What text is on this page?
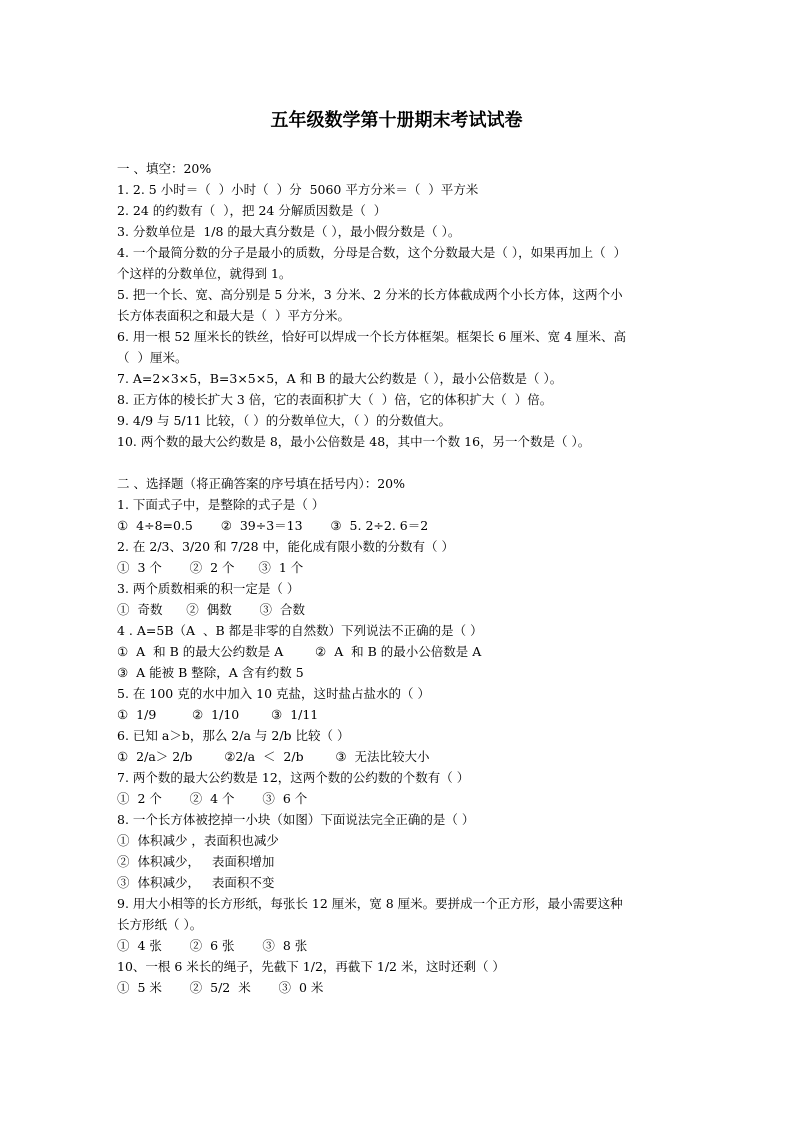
五年级数学第十册期末考试试卷

一 、填空：20%

1. 2. 5 小时＝（  ）小时（  ）分  5060 平方分米＝（  ）平方米

2. 24 的约数有（  ），把 24 分解质因数是（  ）

3. 分数单位是  1/8 的最大真分数是（ ），最小假分数是（ ）。

4. 一个最简分数的分子是最小的质数，分母是合数，这个分数最大是（ ），如果再加上（  ）

个这样的分数单位，就得到 1。

5. 把一个长、宽、高分别是 5 分米，3 分米、2 分米的长方体截成两个小长方体，这两个小

长方体表面积之和最大是（  ）平方分米。

6. 用一根 52 厘米长的铁丝，恰好可以焊成一个长方体框架。框架长 6 厘米、宽 4 厘米、高

（  ）厘米。

7. A=2×3×5，B=3×5×5，A 和 B 的最大公约数是（ ），最小公倍数是（ ）。

8. 正方体的棱长扩大 3 倍，它的表面积扩大（  ）倍，它的体积扩大（  ）倍。

9. 4/9 与 5/11 比较，（ ）的分数单位大，（ ）的分数值大。

10. 两个数的最大公约数是 8，最小公倍数是 48，其中一个数 16，另一个数是（ ）。

二 、选择题（将正确答案的序号填在括号内）：20%

1. 下面式子中，是整除的式子是（ ）

①  4÷8=0.5       ②  39÷3＝13       ③  5. 2÷2. 6＝2

2. 在 2/3、3/20 和 7/28 中，能化成有限小数的分数有（ ）

①  3 个       ②  2 个      ③  1 个

3. 两个质数相乘的积一定是（ ）

①  奇数      ②  偶数       ③  合数

4 . A=5B（A  、B 都是非零的自然数）下列说法不正确的是（ ）

①  A  和 B 的最大公约数是 A        ②  A  和 B 的最小公倍数是 A

③  A 能被 B 整除，A 含有约数 5

5. 在 100 克的水中加入 10 克盐，这时盐占盐水的（ ）

①  1/9         ②  1/10        ③  1/11

6. 已知 a＞b，那么 2/a 与 2/b 比较（ ）

①  2/a＞ 2/b        ②2/a  ＜  2/b        ③  无法比较大小

7. 两个数的最大公约数是 12，这两个数的公约数的个数有（ ）

①  2 个       ②  4 个       ③  6 个

8. 一个长方体被挖掉一小块（如图）下面说法完全正确的是（ ）

①  体积减少 ，表面积也减少

②  体积减少，   表面积增加

③  体积减少，   表面积不变

9. 用大小相等的长方形纸，每张长 12 厘米，宽 8 厘米。要拼成一个正方形，最小需要这种

长方形纸（ ）。

①  4 张       ②  6 张       ③  8 张

10、一根 6 米长的绳子，先截下 1/2，再截下 1/2 米，这时还剩（ ）

①  5 米       ②  5/2  米       ③  0 米
